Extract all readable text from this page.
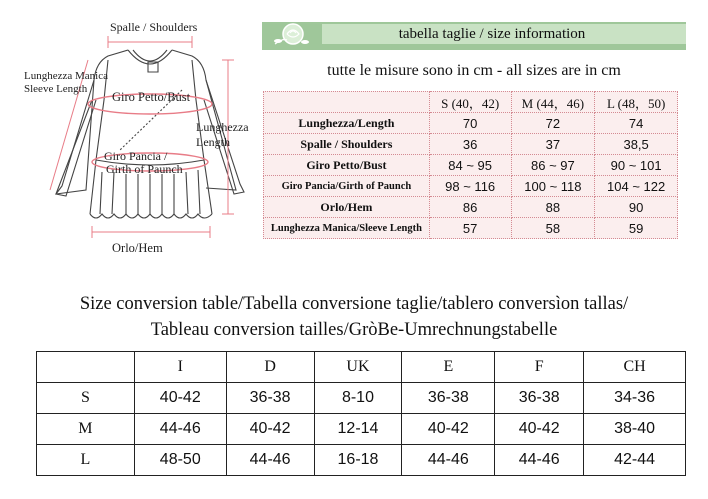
Spalle / Shoulders
Lunghezza Manica
Sleeve Length
Giro Petto/Bust
Lunghezza
Length
Giro Pancia /
Girth of Paunch
Orlo/Hem
tabella taglie / size information
tutte le misure sono in cm - all sizes are in cm
	S (40，42)	M (44，46)	L (48，50)
Lunghezza/Length	70	72	74
Spalle / Shoulders	36	37	38,5
Giro Petto/Bust	84 ~ 95	86 ~ 97	90 ~ 101
Giro Pancia/Girth of Paunch	98 ~ 116	100 ~ 118	104 ~ 122
Orlo/Hem	86	88	90
Lunghezza Manica/Sleeve Length	57	58	59
Size conversion table/Tabella conversione taglie/tablero conversìon tallas/
Tableau conversion tailles/GròBe-Umrechnungstabelle
	I	D	UK	E	F	CH
S	40-42	36-38	8-10	36-38	36-38	34-36
M	44-46	40-42	12-14	40-42	40-42	38-40
L	48-50	44-46	16-18	44-46	44-46	42-44
